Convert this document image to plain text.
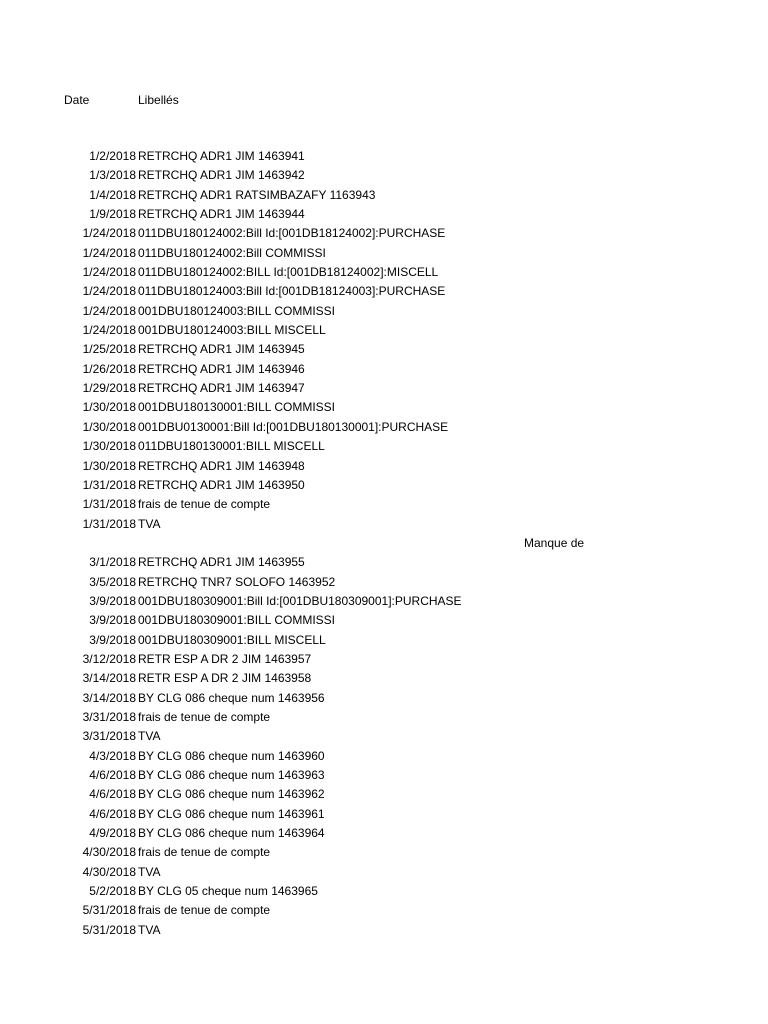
Date	Libellés
1/2/2018 RETRCHQ ADR1 JIM 1463941
1/3/2018 RETRCHQ ADR1 JIM 1463942
1/4/2018 RETRCHQ ADR1 RATSIMBAZAFY 1163943
1/9/2018 RETRCHQ ADR1 JIM 1463944
1/24/2018 011DBU180124002:Bill Id:[001DB18124002]:PURCHASE
1/24/2018 011DBU180124002:Bill COMMISSI
1/24/2018 011DBU180124002:BILL Id:[001DB18124002]:MISCELL
1/24/2018 011DBU180124003:Bill Id:[001DB18124003]:PURCHASE
1/24/2018 001DBU180124003:BILL COMMISSI
1/24/2018 001DBU180124003:BILL MISCELL
1/25/2018 RETRCHQ ADR1 JIM 1463945
1/26/2018 RETRCHQ ADR1 JIM 1463946
1/29/2018 RETRCHQ ADR1 JIM 1463947
1/30/2018 001DBU180130001:BILL COMMISSI
1/30/2018 001DBU0130001:Bill Id:[001DBU180130001]:PURCHASE
1/30/2018 011DBU180130001:BILL MISCELL
1/30/2018 RETRCHQ ADR1 JIM 1463948
1/31/2018 RETRCHQ ADR1 JIM 1463950
1/31/2018 frais de tenue de compte
1/31/2018 TVA
Manque de
3/1/2018 RETRCHQ ADR1 JIM 1463955
3/5/2018 RETRCHQ TNR7 SOLOFO 1463952
3/9/2018 001DBU180309001:Bill Id:[001DBU180309001]:PURCHASE
3/9/2018 001DBU180309001:BILL COMMISSI
3/9/2018 001DBU180309001:BILL MISCELL
3/12/2018 RETR ESP A DR 2 JIM 1463957
3/14/2018 RETR ESP A DR 2 JIM 1463958
3/14/2018 BY CLG 086 cheque num 1463956
3/31/2018 frais de tenue de compte
3/31/2018 TVA
4/3/2018 BY CLG 086 cheque num 1463960
4/6/2018 BY CLG 086 cheque num 1463963
4/6/2018 BY CLG 086 cheque num 1463962
4/6/2018 BY CLG 086 cheque num 1463961
4/9/2018 BY CLG 086 cheque num 1463964
4/30/2018 frais de tenue de compte
4/30/2018 TVA
5/2/2018 BY CLG 05 cheque num 1463965
5/31/2018 frais de tenue de compte
5/31/2018 TVA
